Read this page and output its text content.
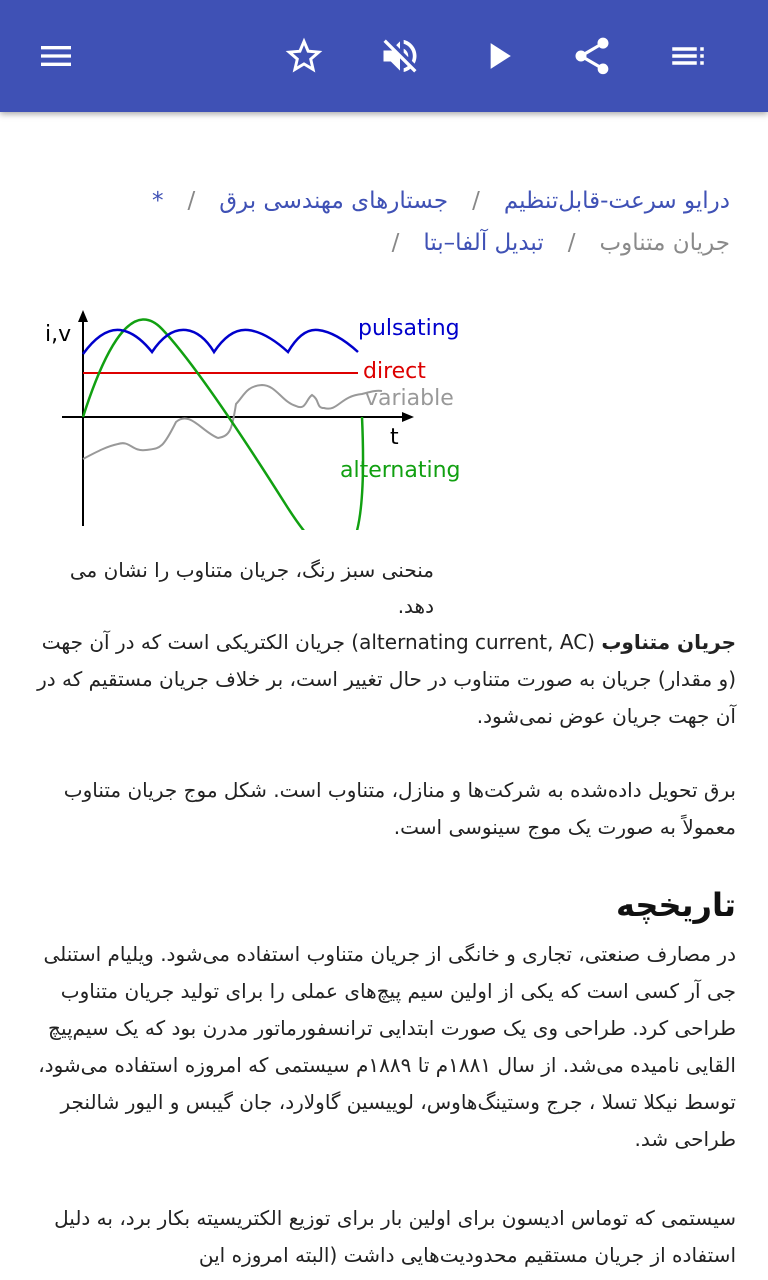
درایو سرعت-قابل‌تنظیم/جستارهای مهندسی برق/*
جریان متناوب/تبدیل آلفا–بتا/
i,v
t
pulsating
direct
variable
alternating
منحنی سبز رنگ، جریان متناوب را نشان می دهد.
جریان متناوب (alternating current, AC) جریان الکتریکی است که در آن جهت (و مقدار) جریان به صورت متناوب در حال تغییر است، بر خلاف جریان مستقیم که در آن جهت جریان عوض نمی‌شود.
برق تحویل داده‌شده به شرکت‌ها و منازل، متناوب است. شکل موج جریان متناوب معمولاً به صورت یک موج سینوسی است.
تاریخچه
در مصارف صنعتی، تجاری و خانگی از جریان متناوب استفاده می‌شود. ویلیام استنلی جی آر کسی است که یکی از اولین سیم پیچ‌های عملی را برای تولید جریان متناوب طراحی کرد. طراحی وی یک صورت ابتدایی ترانسفورماتور مدرن بود که یک سیم‌پیچ القایی نامیده می‌شد. از سال ۱۸۸۱م تا ۱۸۸۹م سیستمی که امروزه استفاده می‌شود، توسط نیکلا تسلا ، جرج وستینگ‌هاوس، لوییسین گاولارد، جان گیبس و الیور شالنجر طراحی شد.
سیستمی که توماس ادیسون برای اولین بار برای توزیع الکتریسیته بکار برد، به دلیل استفاده از جریان مستقیم محدودیت‌هایی داشت (البته امروزه این
